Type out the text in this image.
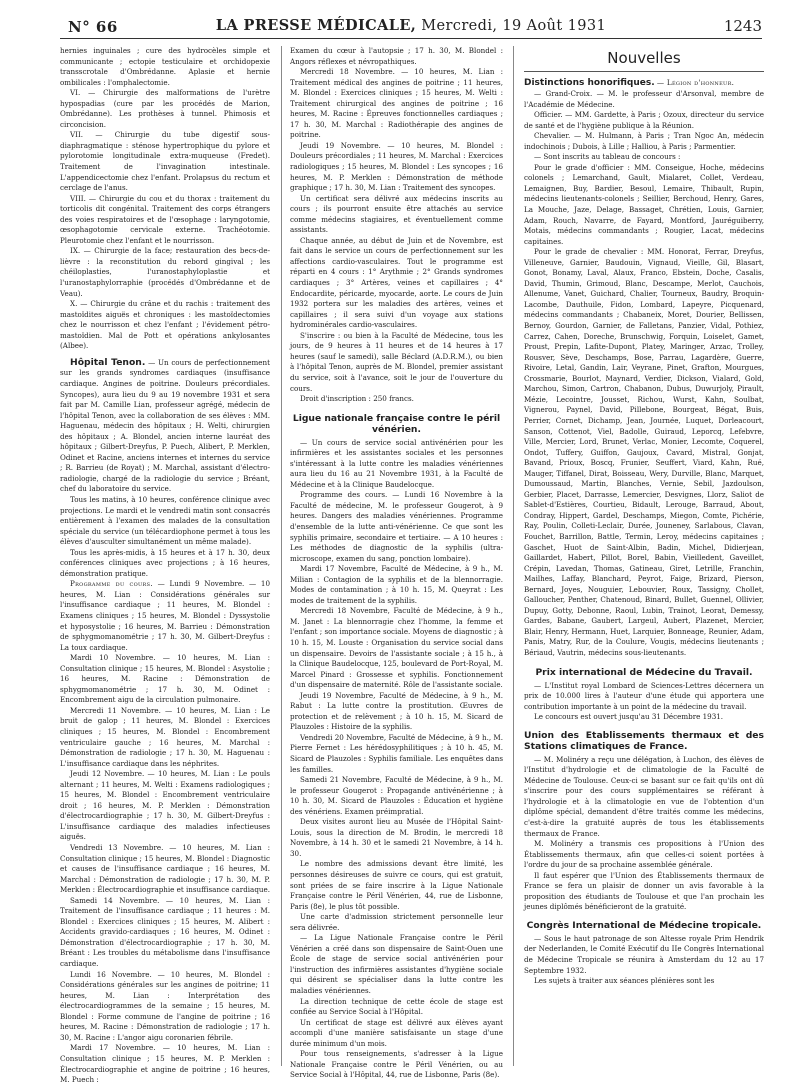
N° 66	LA PRESSE MÉDICALE, Mercredi, 19 Août 1931	1243

hernies inguinales ; cure des hydrocèles simple et communicante ; ectopie testiculaire et orchidopexie transscrotale d'Ombrédanne. Aplasie et hernie ombilicales : l'omphalectomie.

VI. — Chirurgie des malformations de l'urètre hypospadias (cure par les procédés de Marion, Ombrédanne). Les prothèses à tunnel. Phimosis et circoncision.

VII. — Chirurgie du tube digestif sous-diaphragmatique : sténose hypertrophique du pylore et pylorotomie longitudinale extra-muqueuse (Fredet). Traitement de l'invagination intestinale. L'appendicectomie chez l'enfant. Prolapsus du rectum et cerclage de l'anus.

VIII. — Chirurgie du cou et du thorax : traitement du torticolis dit congénital. Traitement des corps étrangers des voies respiratoires et de l'œsophage : laryngotomie, œsophagotomie cervicale externe. Trachéotomie. Pleurotomie chez l'enfant et le nourrisson.

IX. — Chirurgie de la face; restauration des becs-de-lièvre : la reconstitution du rebord gingival ; les chéiloplasties, l'uranostaphyloplastie et l'uranostaphylorraphie (procédés d'Ombrédanne et de Veau).

X. — Chirurgie du crâne et du rachis : traitement des mastoïdites aiguës et chroniques : les mastoïdectomies chez le nourrisson et chez l'enfant ; l'évidement pétro-mastoïdien. Mal de Pott et opérations ankylosantes (Albee).

Hôpital Tenon. — Un cours de perfectionnement sur les grands syndromes cardiaques (insuffisance cardiaque. Angines de poitrine. Douleurs précordiales. Syncopes), aura lieu du 9 au 19 novembre 1931 et sera fait par M. Camille Lian, professeur agrégé, médecin de l'hôpital Tenon, avec la collaboration de ses élèves : MM. Haguenau, médecin des hôpitaux ; H. Welti, chirurgien des hôpitaux ; A. Blondel, ancien interne lauréat des hôpitaux ; Gilbert-Dreyfus, P. Puech, Alibert, P. Merklen, Odinet et Racine, anciens internes et internes du service ; R. Barrieu (de Royat) ; M. Marchal, assistant d'électro-radiologie, chargé de la radiologie du service ; Bréant, chef du laboratoire du service.

Tous les matins, à 10 heures, conférence clinique avec projections. Le mardi et le vendredi matin sont consacrés entièrement à l'examen des malades de la consultation spéciale du service (un télécardiophone permet à tous les élèves d'ausculter simultanément un même malade).

Tous les après-midis, à 15 heures et à 17 h. 30, deux conférences cliniques avec projections ; à 16 heures, démonstration pratique.

Programme du cours. — Lundi 9 Novembre. — 10 heures, M. Lian : Considérations générales sur l'insuffisance cardiaque ; 11 heures, M. Blondel : Examens cliniques ; 15 heures, M. Blondel : Dyssystolie et hyposystolie ; 16 heures, M. Barrieu : Démonstration de sphygmomanométrie ; 17 h. 30, M. Gilbert-Dreyfus : La toux cardiaque.

Mardi 10 Novembre. — 10 heures, M. Lian : Consultation clinique ; 15 heures, M. Blondel : Asystolie ; 16 heures, M. Racine : Démonstration de sphygmomanométrie ; 17 h. 30, M. Odinet : Encombrement aigu de la circulation pulmonaire.

Mercredi 11 Novembre. — 10 heures, M. Lian : Le bruit de galop ; 11 heures, M. Blondel : Exercices cliniques ; 15 heures, M. Blondel : Encombrement ventriculaire gauche ; 16 heures, M. Marchal : Démonstration de radiologie ; 17 h. 30, M. Haguenau : L'insuffisance cardiaque dans les néphrites.

Jeudi 12 Novembre. — 10 heures, M. Lian : Le pouls alternant ; 11 heures, M. Welti : Examens radiologiques ; 15 heures, M. Blondel : Encombrement ventriculaire droit ; 16 heures, M. P. Merklen : Démonstration d'électrocardiographie ; 17 h. 30, M. Gilbert-Dreyfus : L'insuffisance cardiaque des maladies infectieuses aiguës.

Vendredi 13 Novembre. — 10 heures, M. Lian : Consultation clinique ; 15 heures, M. Blondel : Diagnostic et causes de l'insuffisance cardiaque ; 16 heures, M. Marchal : Démonstration de radiologie ; 17 h. 30, M. P. Merklen : Électrocardiographie et insuffisance cardiaque.

Samedi 14 Novembre. — 10 heures, M. Lian : Traitement de l'insuffisance cardiaque ; 11 heures : M. Blondel : Exercices cliniques ; 15 heures, M. Alibert : Accidents gravido-cardiaques ; 16 heures, M. Odinet : Démonstration d'électrocardiographie ; 17 h. 30, M. Bréant : Les troubles du métabolisme dans l'insuffisance cardiaque.

Lundi 16 Novembre. — 10 heures, M. Blondel : Considérations générales sur les angines de poitrine; 11 heures, M. Lian : Interprétation des électrocardiogrammes de la semaine ; 15 heures, M. Blondel : Forme commune de l'angine de poitrine ; 16 heures, M. Racine : Démonstration de radiologie ; 17 h. 30, M. Racine : L'angor aigu coronarien fébrile.

Mardi 17 Novembre. — 10 heures, M. Lian : Consultation clinique ; 15 heures, M. P. Merklen : Électrocardiographie et angine de poitrine ; 16 heures, M. Puech :

Examen du cœur à l'autopsie ; 17 h. 30, M. Blondel : Angors réflexes et névropathiques.

Mercredi 18 Novembre. — 10 heures, M. Lian : Traitement médical des angines de poitrine ; 11 heures, M. Blondel : Exercices cliniques ; 15 heures, M. Welti : Traitement chirurgical des angines de poitrine ; 16 heures, M. Racine : Épreuves fonctionnelles cardiaques ; 17 h. 30, M. Marchal : Radiothérapie des angines de poitrine.

Jeudi 19 Novembre. — 10 heures, M. Blondel : Douleurs précordiales ; 11 heures, M. Marchal : Exercices radiologiques ; 15 heures, M. Blondel : Les syncopes ; 16 heures, M. P. Merklen : Démonstration de méthode graphique ; 17 h. 30, M. Lian : Traitement des syncopes.

Un certificat sera délivré aux médecins inscrits au cours ; ils pourront ensuite être attachés au service comme médecins stagiaires, et éventuellement comme assistants.

Chaque année, au début de Juin et de Novembre, est fait dans le service un cours de perfectionnement sur les affections cardio-vasculaires. Tout le programme est réparti en 4 cours : 1° Arythmie ; 2° Grands syndromes cardiaques ; 3° Artères, veines et capillaires ; 4° Endocardite, péricarde, myocarde, aorte. Le cours de Juin 1932 portera sur les maladies des artères, veines et capillaires ; il sera suivi d'un voyage aux stations hydrominérales cardio-vasculaires.

S'inscrire : ou bien à la Faculté de Médecine, tous les jours, de 9 heures à 11 heures et de 14 heures à 17 heures (sauf le samedi), salle Béclard (A.D.R.M.), ou bien à l'hôpital Tenon, auprès de M. Blondel, premier assistant du service, soit à l'avance, soit le jour de l'ouverture du cours.

Droit d'inscription : 250 francs.

Ligue nationale française contre le péril vénérien.

— Un cours de service social antivénérien pour les infirmières et les assistantes sociales et les personnes s'intéressant à la lutte contre les maladies vénériennes aura lieu du 16 au 21 Novembre 1931, à la Faculté de Médecine et à la Clinique Baudelocque.

Programme des cours. — Lundi 16 Novembre à la Faculté de médecine, M. le professeur Gougerot, à 9 heures. Dangers des maladies vénériennes. Programme d'ensemble de la lutte anti-vénérienne. Ce que sont les syphilis primaire, secondaire et tertiaire. — A 10 heures : Les méthodes de diagnostic de la syphilis (ultra-microscope, examen du sang, ponction lombaire).

Mardi 17 Novembre, Faculté de Médecine, à 9 h., M. Milian : Contagion de la syphilis et de la blennorragie. Modes de contamination ; à 10 h. 15, M. Queyrat : Les modes de traitement de la syphilis.

Mercredi 18 Novembre, Faculté de Médecine, à 9 h., M. Janet : La blennorragie chez l'homme, la femme et l'enfant ; son importance sociale. Moyens de diagnostic ; à 10 h. 15, M. Louste : Organisation du service social dans un dispensaire. Devoirs de l'assistante sociale ; à 15 h., à la Clinique Baudelocque, 125, boulevard de Port-Royal, M. Marcel Pinard : Grossesse et syphilis. Fonctionnement d'un dispensaire de maternité. Rôle de l'assistante sociale.

Jeudi 19 Novembre, Faculté de Médecine, à 9 h., M. Rabut : La lutte contre la prostitution. Œuvres de protection et de relèvement ; à 10 h. 15, M. Sicard de Plauzoles : Histoire de la syphilis.

Vendredi 20 Novembre, Faculté de Médecine, à 9 h., M. Pierre Fernet : Les hérédosyphilitiques ; à 10 h. 45, M. Sicard de Plauzoles : Syphilis familiale. Les enquêtes dans les familles.

Samedi 21 Novembre, Faculté de Médecine, à 9 h., M. le professeur Gougerot : Propagande antivénérienne ; à 10 h. 30, M. Sicard de Plauzoles : Éducation et hygiène des vénériens. Examen préimpratial.

Deux visites auront lieu au Musée de l'Hôpital Saint-Louis, sous la direction de M. Brodin, le mercredi 18 Novembre, à 14 h. 30 et le samedi 21 Novembre, à 14 h. 30.

Le nombre des admissions devant être limité, les personnes désireuses de suivre ce cours, qui est gratuit, sont priées de se faire inscrire à la Ligue Nationale Française contre le Péril Vénérien, 44, rue de Lisbonne, Paris (8e), le plus tôt possible.

Une carte d'admission strictement personnelle leur sera délivrée.

— La Ligue Nationale Française contre le Péril Vénérien a créé dans son dispensaire de Saint-Ouen une École de stage de service social antivénérien pour l'instruction des infirmières assistantes d'hygiène sociale qui désirent se spécialiser dans la lutte contre les maladies vénériennes.

La direction technique de cette école de stage est confiée au Service Social à l'Hôpital.

Un certificat de stage est délivré aux élèves ayant accompli d'une manière satisfaisante un stage d'une durée minimum d'un mois.

Pour tous renseignements, s'adresser à la Ligue Nationale Française contre le Péril Vénérien, ou au Service Social à l'Hôpital, 44, rue de Lisbonne, Paris (8e).

Nouvelles

Distinctions honorifiques. — Légion d'honneur.

— Grand-Croix. — M. le professeur d'Arsonval, membre de l'Académie de Médecine.

Officier. — MM. Gardette, à Paris ; Ozoux, directeur du service de santé et de l'hygiène publique à la Réunion.

Chevalier. — M. Hulmann, à Paris ; Tran Ngoc An, médecin indochinois ; Dubois, à Lille ; Halliou, à Paris ; Parmentier.

— Sont inscrits au tableau de concours :

Pour le grade d'officier : MM. Conseigue, Hoche, médecins colonels ; Lemarchand, Gault, Mialaret, Collet, Verdeau, Lemaignen, Buy, Bardier, Besoul, Lemaire, Thibault, Rupin, médecins lieutenants-colonels ; Seillier, Berchoud, Henry, Gares, La Mouche, Jaze, Delage, Bassaget, Chrétien, Louis, Garnier, Adam, Rouch, Navarre, de Fayard, Montford, Jauréguiberry, Motais, médecins commandants ; Rougier, Lacat, médecins capitaines.

Pour le grade de chevalier : MM. Honorat, Ferrar, Dreyfus, Villeneuve, Garnier, Baudouin, Vignaud, Vieille, Gil, Blasart, Gonot, Bonamy, Laval, Alaux, Franco, Ebstein, Doche, Casalis, David, Thumin, Grimoud, Blanc, Descampe, Merlot, Cauchois, Allenume, Vanet, Guichard, Chalier, Tourneux, Baudry, Broquin-Lacombe, Dauthuile, Fidon, Lombard, Lapeyre, Picquenard, médecins commandants ; Chabaneix, Moret, Dourier, Bellissen, Bernoy, Gourdon, Garnier, de Falletans, Panzier, Vidal, Pothiez, Carrez, Cahen, Doreche, Brunschwig, Forquin, Loiselet, Gamet, Proust, Prepin, Lafite-Dupont, Platey, Maringer, Arzac, Trolley, Rousver, Sève, Deschamps, Bose, Parrau, Lagardère, Guerre, Rivoire, Letal, Gandin, Lair, Veyrane, Pinet, Grafton, Mourgues, Crossmarie, Bourlot, Maynard, Verdier, Dickson, Vialard, Gold, Marchou, Simon, Cartron, Chabanon, Dubus, Duwurjoly, Pirault, Mézie, Lecointre, Jousset, Richou, Wurst, Kahn, Soulbat, Vignerou, Paynel, David, Pillebone, Bourgeat, Bégat, Buis, Perrier, Cornet, Dichamp, Jean, Journée, Luquet, Dorleacourt, Sanson, Cottenot, Viel, Badolle, Guiraud, Leporcq, Lefebvre, Ville, Mercier, Lord, Brunet, Verlac, Monier, Lecomte, Coquerel, Ondot, Tuffery, Guiffon, Gaujoux, Cavard, Mistral, Gonjat, Bavand, Prioux, Boscq, Frunier, Seuffert, Viard, Kahn, Rué, Mauger, Tiffanel, Dirat, Boisseau, Wery, Durville, Blanc, Marquet, Dumoussaud, Martin, Blanches, Vernie, Sebil, Jazdoulson, Gerbier, Placet, Darrasse, Lemercier, Desvignes, Llorz, Saliot de Sablet-d'Estières, Courtieu, Bidault, Lerouge, Barraud, About, Condray, Hippert, Gardel, Deschamps, Miegon, Comte, Pichérie, Ray, Poulin, Colleti-Leclair, Durée, Jouneney, Sarlabous, Clavan, Fouchet, Barrillon, Battle, Termin, Leroy, médecins capitaines ; Gaschet, Huot de Saint-Albin, Badin, Michel, Didierjean, Gaillardet, Habert, Pillot, Borel, Babin, Vieilledent, Gaveillet, Crépin, Lavedan, Thomas, Gatineau, Giret, Letrille, Franchin, Mailhes, Laffay, Blanchard, Peyrot, Faige, Brizard, Pierson, Bernard, Joyes, Nouguier, Lebouvier, Roux, Tassigny, Chollet, Galloucher, Penther, Chatenoud, Binard, Bullet, Guennel, Ollivier, Dupuy, Gotty, Debonne, Raoul, Lubin, Trainot, Leorat, Demessy, Gardes, Babane, Gaubert, Largeul, Aubert, Plazenet, Mercier, Blair, Henry, Hermann, Huet, Larquier, Bonneage, Reunier, Adam, Panis, Matry, Rur, de la Coulure, Vougis, médecins lieutenants ; Bériaud, Vautrin, médecins sous-lieutenants.

Prix international de Médecine du Travail.

— L'Institut royal Lombard de Sciences-Lettres décernera un prix de 10.000 lires à l'auteur d'une étude qui apportera une contribution importante à un point de la médecine du travail.

Le concours est ouvert jusqu'au 31 Décembre 1931.

Union des Etablissements thermaux et des Stations climatiques de France.

— M. Molinéry a reçu une délégation, à Luchon, des élèves de l'Institut d'hydrologie et de climatologie de la Faculté de Médecine de Toulouse. Ceux-ci se basant sur ce fait qu'ils ont dû s'inscrire pour des cours supplémentaires se référant à l'hydrologie et à la climatologie en vue de l'obtention d'un diplôme spécial, demandent d'être traités comme les médecins, c'est-à-dire la gratuité auprès de tous les établissements thermaux de France.

M. Molinéry a transmis ces propositions à l'Union des Établissements thermaux, afin que celles-ci soient portées à l'ordre du jour de sa prochaine assemblée générale.

Il faut espérer que l'Union des Établissements thermaux de France se fera un plaisir de donner un avis favorable à la proposition des étudiants de Toulouse et que l'an prochain les jeunes diplômés bénéficieront de la gratuité.

Congrès International de Médecine tropicale.

— Sous le haut patronage de son Altesse royale Prim Hendrik der Nederlanden, le Comité Exécutif du IIe Congrès International de Médecine Tropicale se réunira à Amsterdam du 12 au 17 Septembre 1932.

Les sujets à traiter aux séances plénières sont les
